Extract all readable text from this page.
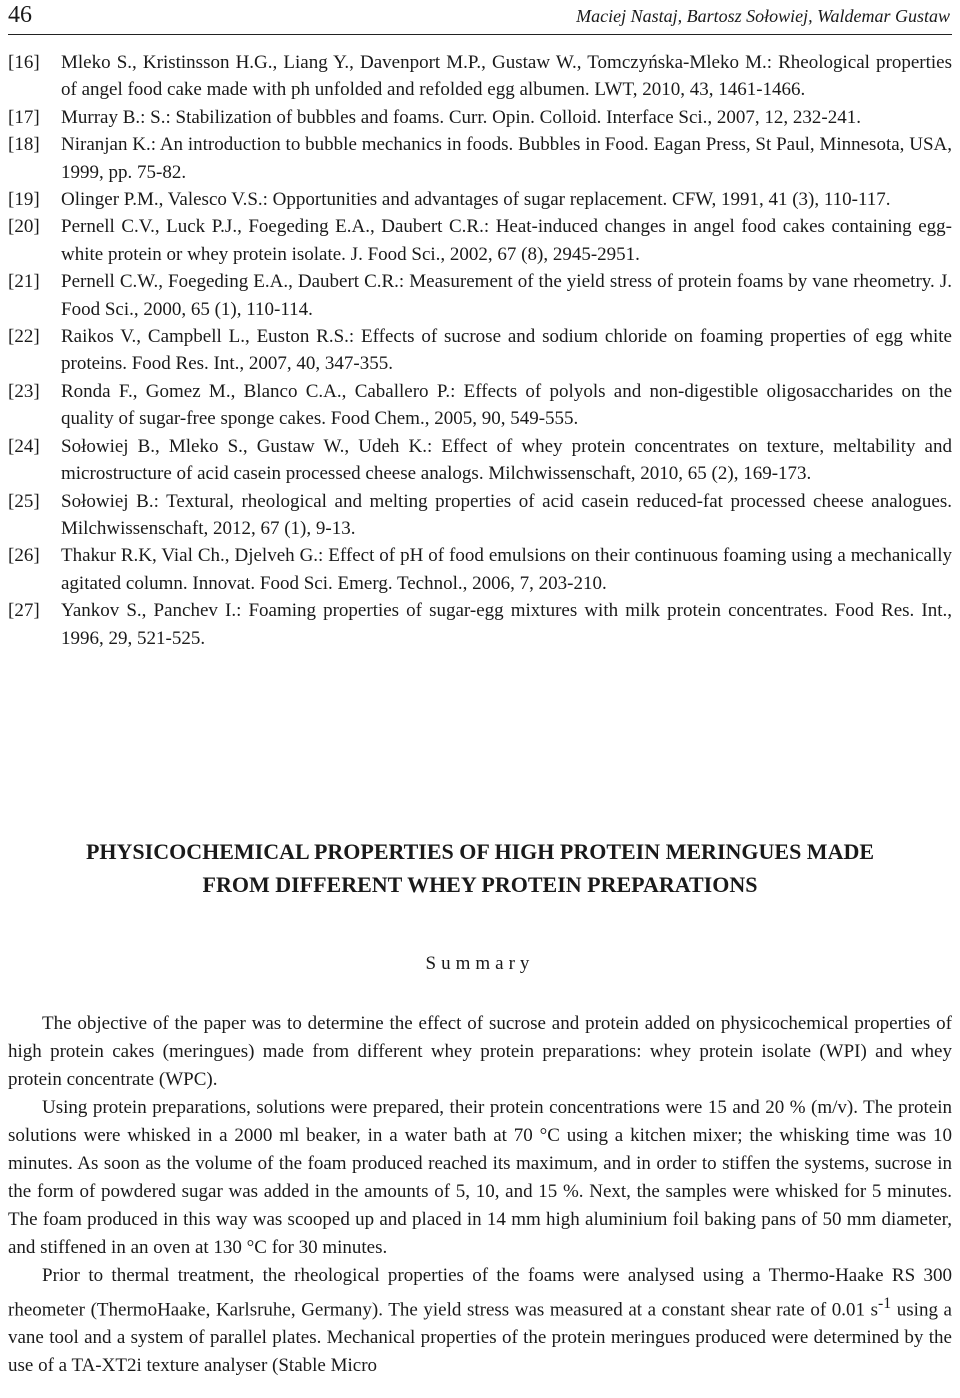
46	Maciej Nastaj, Bartosz Sołowiej, Waldemar Gustaw
[16] Mleko S., Kristinsson H.G., Liang Y., Davenport M.P., Gustaw W., Tomczyńska-Mleko M.: Rheological properties of angel food cake made with ph unfolded and refolded egg albumen. LWT, 2010, 43, 1461-1466.
[17] Murray B.: S.: Stabilization of bubbles and foams. Curr. Opin. Colloid. Interface Sci., 2007, 12, 232-241.
[18] Niranjan K.: An introduction to bubble mechanics in foods. Bubbles in Food. Eagan Press, St Paul, Minnesota, USA, 1999, pp. 75-82.
[19] Olinger P.M., Valesco V.S.: Opportunities and advantages of sugar replacement. CFW, 1991, 41 (3), 110-117.
[20] Pernell C.V., Luck P.J., Foegeding E.A., Daubert C.R.: Heat-induced changes in angel food cakes containing egg-white protein or whey protein isolate. J. Food Sci., 2002, 67 (8), 2945-2951.
[21] Pernell C.W., Foegeding E.A., Daubert C.R.: Measurement of the yield stress of protein foams by vane rheometry. J. Food Sci., 2000, 65 (1), 110-114.
[22] Raikos V., Campbell L., Euston R.S.: Effects of sucrose and sodium chloride on foaming properties of egg white proteins. Food Res. Int., 2007, 40, 347-355.
[23] Ronda F., Gomez M., Blanco C.A., Caballero P.: Effects of polyols and non-digestible oligosaccharides on the quality of sugar-free sponge cakes. Food Chem., 2005, 90, 549-555.
[24] Sołowiej B., Mleko S., Gustaw W., Udeh K.: Effect of whey protein concentrates on texture, meltability and microstructure of acid casein processed cheese analogs. Milchwissenschaft, 2010, 65 (2), 169-173.
[25] Sołowiej B.: Textural, rheological and melting properties of acid casein reduced-fat processed cheese analogues. Milchwissenschaft, 2012, 67 (1), 9-13.
[26] Thakur R.K, Vial Ch., Djelveh G.: Effect of pH of food emulsions on their continuous foaming using a mechanically agitated column. Innovat. Food Sci. Emerg. Technol., 2006, 7, 203-210.
[27] Yankov S., Panchev I.: Foaming properties of sugar-egg mixtures with milk protein concentrates. Food Res. Int., 1996, 29, 521-525.
PHYSICOCHEMICAL PROPERTIES OF HIGH PROTEIN MERINGUES MADE
FROM DIFFERENT WHEY PROTEIN PREPARATIONS
Summary

The objective of the paper was to determine the effect of sucrose and protein added on physicochemical properties of high protein cakes (meringues) made from different whey protein preparations: whey protein isolate (WPI) and whey protein concentrate (WPC).

Using protein preparations, solutions were prepared, their protein concentrations were 15 and 20 % (m/v). The protein solutions were whisked in a 2000 ml beaker, in a water bath at 70 °C using a kitchen mixer; the whisking time was 10 minutes. As soon as the volume of the foam produced reached its maximum, and in order to stiffen the systems, sucrose in the form of powdered sugar was added in the amounts of 5, 10, and 15 %. Next, the samples were whisked for 5 minutes. The foam produced in this way was scooped up and placed in 14 mm high aluminium foil baking pans of 50 mm diameter, and stiffened in an oven at 130 °C for 30 minutes.

Prior to thermal treatment, the rheological properties of the foams were analysed using a Thermo-Haake RS 300 rheometer (ThermoHaake, Karlsruhe, Germany). The yield stress was measured at a constant shear rate of 0.01 $s^{-1}$ using a vane tool and a system of parallel plates. Mechanical properties of the protein meringues produced were determined by the use of a TA-XT2i texture analyser (Stable Micro
